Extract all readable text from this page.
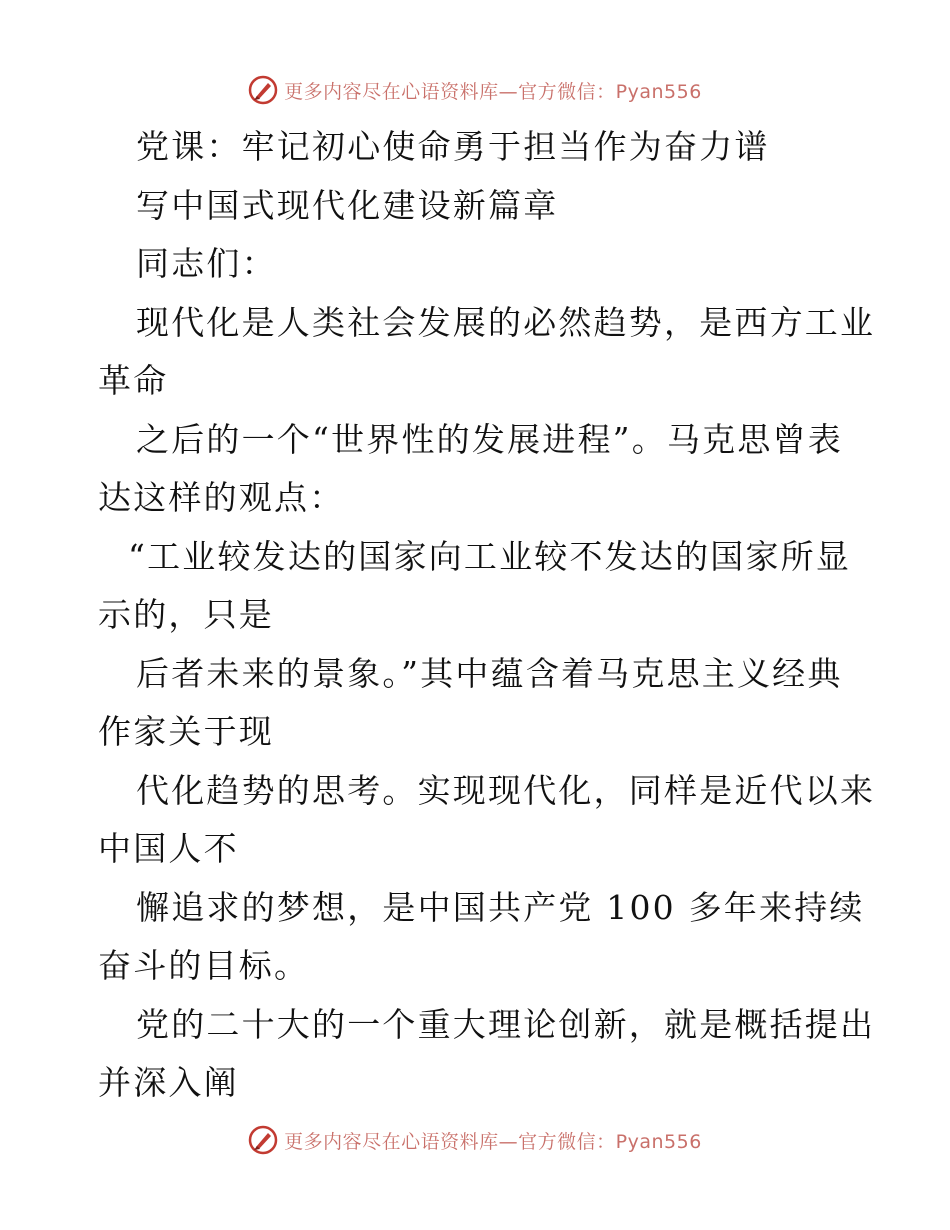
更多内容尽在心语资料库—官方微信：Pyan556
党课：牢记初心使命勇于担当作为奋力谱
写中国式现代化建设新篇章
同志们：
现代化是人类社会发展的必然趋势，是西方工业
革命
之后的一个“世界性的发展进程”。马克思曾表
达这样的观点：
“工业较发达的国家向工业较不发达的国家所显
示的，只是
后者未来的景象。”其中蕴含着马克思主义经典
作家关于现
代化趋势的思考。实现现代化，同样是近代以来
中国人不
懈追求的梦想，是中国共产党 100 多年来持续
奋斗的目标。
党的二十大的一个重大理论创新，就是概括提出
并深入阐
更多内容尽在心语资料库—官方微信：Pyan556
